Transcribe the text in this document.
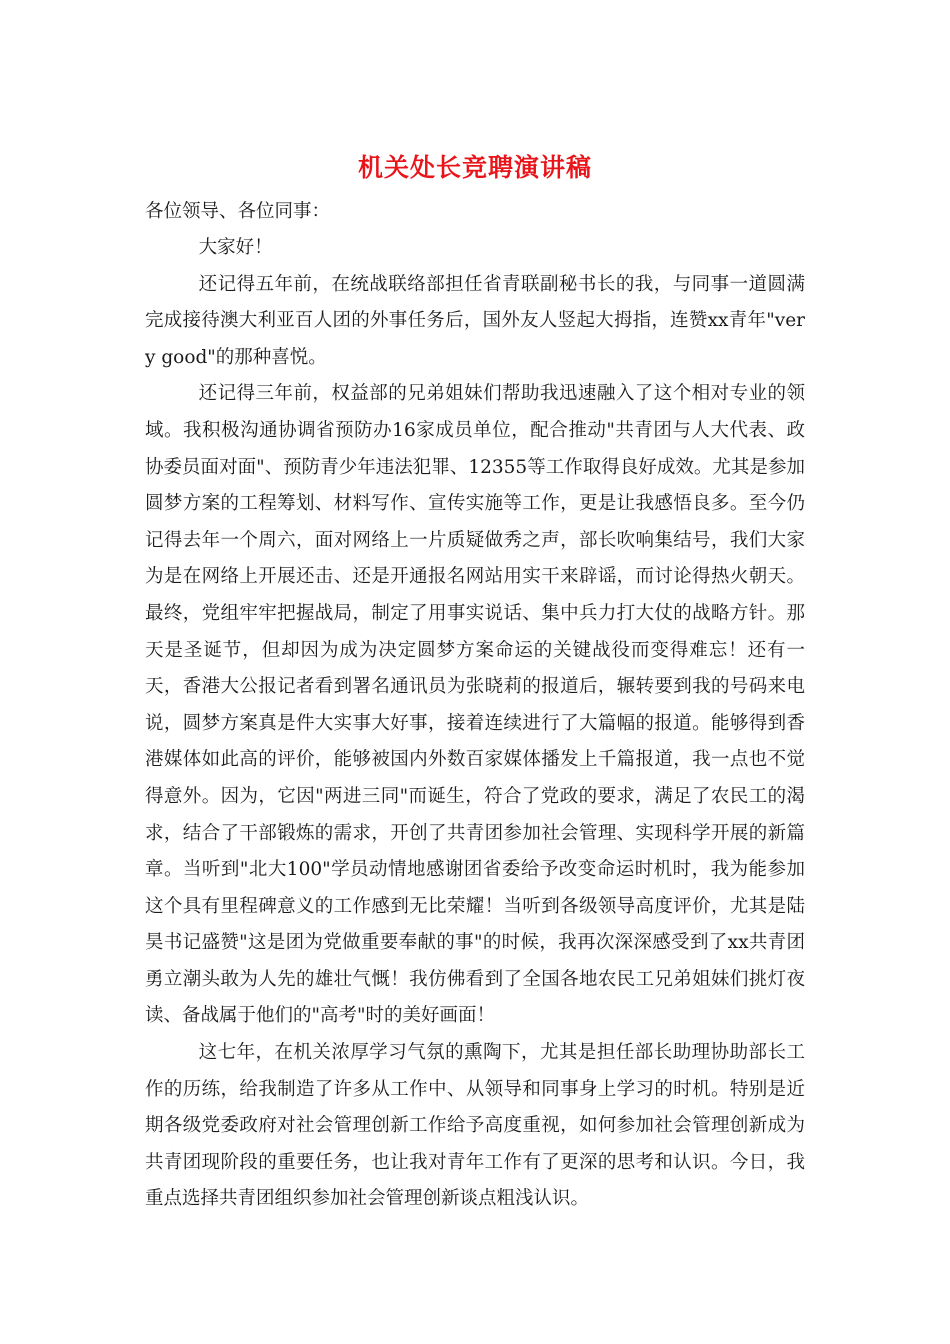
机关处长竞聘演讲稿

各位领导、各位同事：

大家好！

还记得五年前，在统战联络部担任省青联副秘书长的我，与同事一道圆满完成接待澳大利亚百人团的外事任务后，国外友人竖起大拇指，连赞xx青年"very good"的那种喜悦。

还记得三年前，权益部的兄弟姐妹们帮助我迅速融入了这个相对专业的领域。我积极沟通协调省预防办16家成员单位，配合推动"共青团与人大代表、政协委员面对面"、预防青少年违法犯罪、12355等工作取得良好成效。尤其是参加圆梦方案的工程筹划、材料写作、宣传实施等工作，更是让我感悟良多。至今仍记得去年一个周六，面对网络上一片质疑做秀之声，部长吹响集结号，我们大家为是在网络上开展还击、还是开通报名网站用实干来辟谣，而讨论得热火朝天。最终，党组牢牢把握战局，制定了用事实说话、集中兵力打大仗的战略方针。那天是圣诞节，但却因为成为决定圆梦方案命运的关键战役而变得难忘！还有一天，香港大公报记者看到署名通讯员为张晓莉的报道后，辗转要到我的号码来电说，圆梦方案真是件大实事大好事，接着连续进行了大篇幅的报道。能够得到香港媒体如此高的评价，能够被国内外数百家媒体播发上千篇报道，我一点也不觉得意外。因为，它因"两进三同"而诞生，符合了党政的要求，满足了农民工的渴求，结合了干部锻炼的需求，开创了共青团参加社会管理、实现科学开展的新篇章。当听到"北大100"学员动情地感谢团省委给予改变命运时机时，我为能参加这个具有里程碑意义的工作感到无比荣耀！当听到各级领导高度评价，尤其是陆昊书记盛赞"这是团为党做重要奉献的事"的时候，我再次深深感受到了xx共青团勇立潮头敢为人先的雄壮气慨！我仿佛看到了全国各地农民工兄弟姐妹们挑灯夜读、备战属于他们的"高考"时的美好画面！

这七年，在机关浓厚学习气氛的熏陶下，尤其是担任部长助理协助部长工作的历练，给我制造了许多从工作中、从领导和同事身上学习的时机。特别是近期各级党委政府对社会管理创新工作给予高度重视，如何参加社会管理创新成为共青团现阶段的重要任务，也让我对青年工作有了更深的思考和认识。今日，我重点选择共青团组织参加社会管理创新谈点粗浅认识。
